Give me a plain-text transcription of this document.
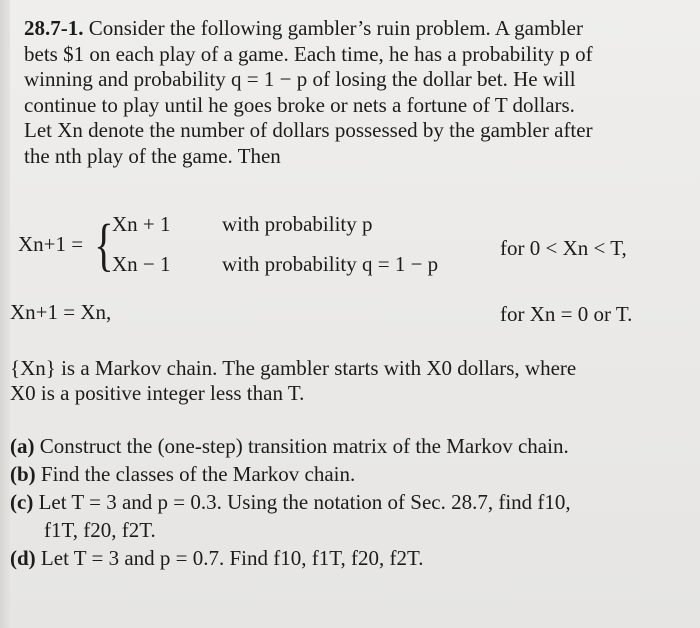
28.7-1. Consider the following gambler’s ruin problem. A gambler
bets $1 on each play of a game. Each time, he has a probability p of
winning and probability q = 1 − p of losing the dollar bet. He will
continue to play until he goes broke or nets a fortune of T dollars.
Let Xn denote the number of dollars possessed by the gambler after
the nth play of the game. Then
Xn+1 = {
Xn + 1
Xn − 1
with probability p
with probability q = 1 − p
for 0 < Xn < T,
Xn+1 = Xn,	for Xn = 0 or T.
{Xn} is a Markov chain. The gambler starts with X0 dollars, where
X0 is a positive integer less than T.
(a) Construct the (one-step) transition matrix of the Markov chain.
(b) Find the classes of the Markov chain.
(c) Let T = 3 and p = 0.3. Using the notation of Sec. 28.7, find f10,
f1T, f20, f2T.
(d) Let T = 3 and p = 0.7. Find f10, f1T, f20, f2T.
